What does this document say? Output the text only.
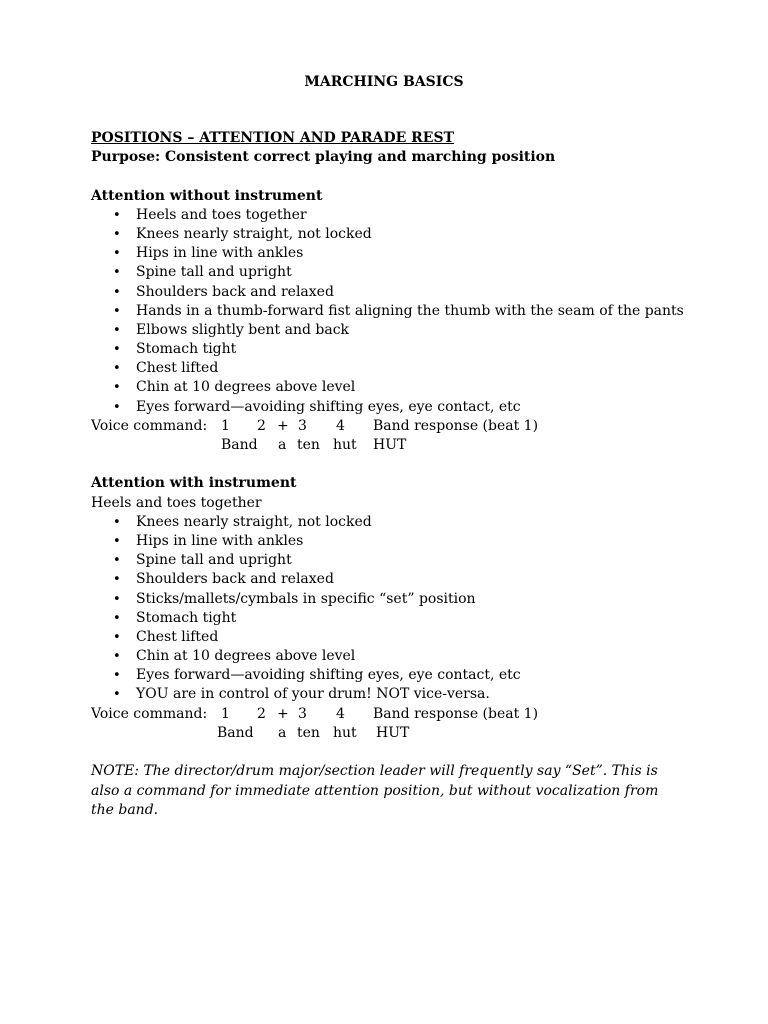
MARCHING BASICS
POSITIONS – ATTENTION AND PARADE REST
Purpose: Consistent correct playing and marching position
Attention without instrument
• Heels and toes together
• Knees nearly straight, not locked
• Hips in line with ankles
• Spine tall and upright
• Shoulders back and relaxed
• Hands in a thumb-forward fist aligning the thumb with the seam of the pants
• Elbows slightly bent and back
• Stomach tight
• Chest lifted
• Chin at 10 degrees above level
• Eyes forward—avoiding shifting eyes, eye contact, etc
Voice command: 1 2 + 3 4 Band response (beat 1)
Band a ten hut HUT
Attention with instrument
Heels and toes together
• Knees nearly straight, not locked
• Hips in line with ankles
• Spine tall and upright
• Shoulders back and relaxed
• Sticks/mallets/cymbals in specific “set” position
• Stomach tight
• Chest lifted
• Chin at 10 degrees above level
• Eyes forward—avoiding shifting eyes, eye contact, etc
• YOU are in control of your drum! NOT vice-versa.
Voice command: 1 2 + 3 4 Band response (beat 1)
Band a ten hut HUT
NOTE: The director/drum major/section leader will frequently say “Set”. This is also a command for immediate attention position, but without vocalization from the band.
